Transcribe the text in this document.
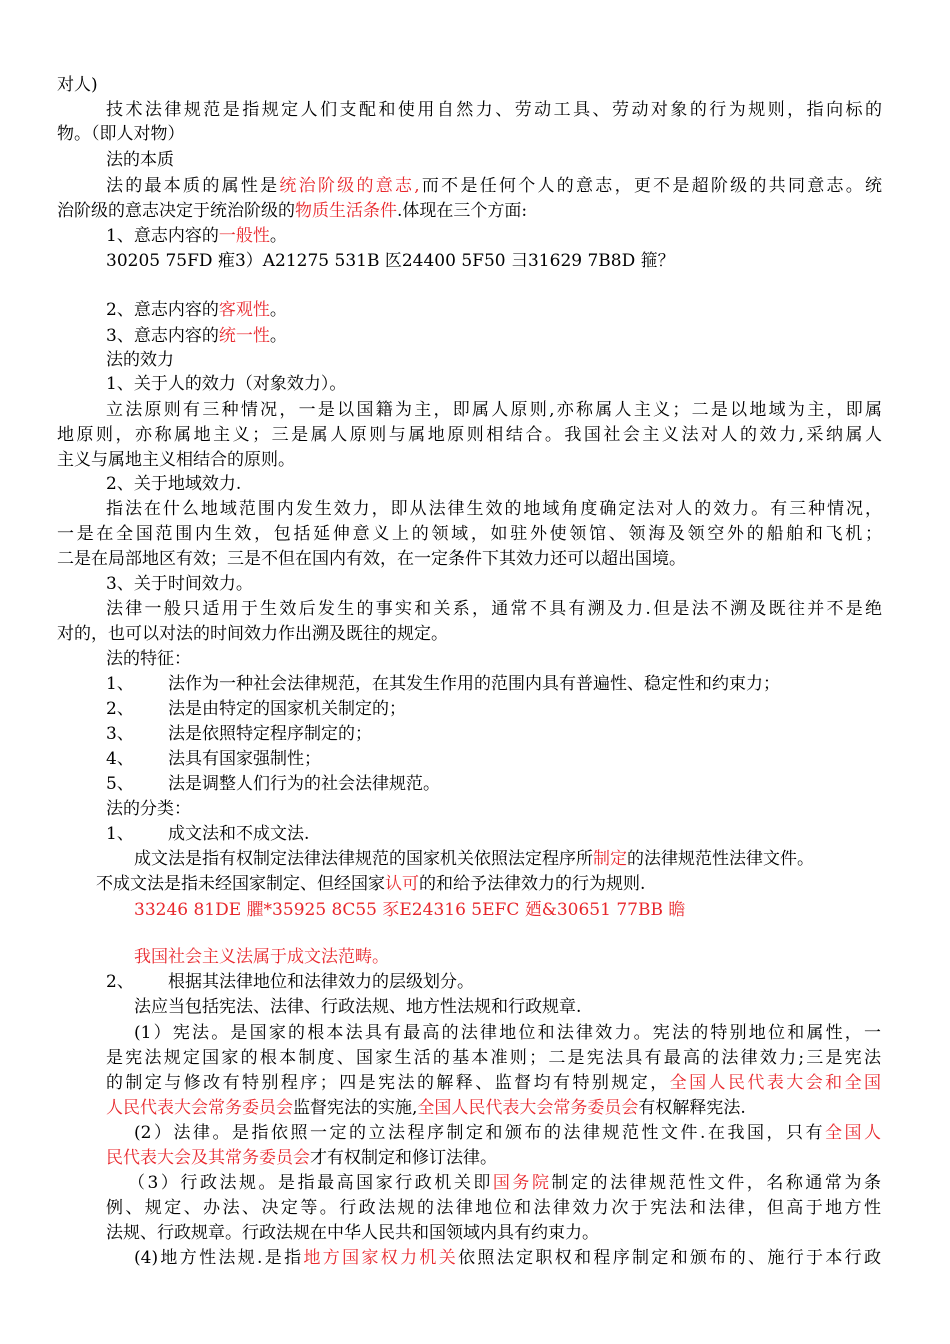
对人)
技术法律规范是指规定人们支配和使用自然力、劳动工具、劳动对象的行为规则，指向标的
物。（即人对物）
法的本质
法的最本质的属性是统治阶级的意志,而不是任何个人的意志，更不是超阶级的共同意志。统
治阶级的意志决定于统治阶级的物质生活条件.体现在三个方面:
1、意志内容的一般性。
30205 75FD 痽3）A21275 531B 匛24400 5F50 彐31629 7B8D 箍？
2、意志内容的客观性。
3、意志内容的统一性。
法的效力
1、关于人的效力（对象效力）。
立法原则有三种情况，一是以国籍为主，即属人原则,亦称属人主义；二是以地域为主，即属
地原则，亦称属地主义；三是属人原则与属地原则相结合。我国社会主义法对人的效力,采纳属人
主义与属地主义相结合的原则。
2、关于地域效力.
指法在什么地域范围内发生效力，即从法律生效的地域角度确定法对人的效力。有三种情况，
一是在全国范围内生效，包括延伸意义上的领域，如驻外使领馆、领海及领空外的船舶和飞机；
二是在局部地区有效；三是不但在国内有效，在一定条件下其效力还可以超出国境。
3、关于时间效力。
法律一般只适用于生效后发生的事实和关系，通常不具有溯及力.但是法不溯及既往并不是绝
对的，也可以对法的时间效力作出溯及既往的规定。
法的特征：
1、 法作为一种社会法律规范，在其发生作用的范围内具有普遍性、稳定性和约束力；
2、 法是由特定的国家机关制定的；
3、 法是依照特定程序制定的；
4、 法具有国家强制性；
5、 法是调整人们行为的社会法律规范。
法的分类：
1、 成文法和不成文法.
成文法是指有权制定法律法律规范的国家机关依照法定程序所制定的法律规范性法律文件。
不成文法是指未经国家制定、但经国家认可的和给予法律效力的行为规则.
33246 81DE 臞*35925 8C55 豕E24316 5EFC 廼&30651 77BB 瞻
我国社会主义法属于成文法范畴。
2、 根据其法律地位和法律效力的层级划分。
法应当包括宪法、法律、行政法规、地方性法规和行政规章.
(1）宪法。是国家的根本法具有最高的法律地位和法律效力。宪法的特别地位和属性，一
是宪法规定国家的根本制度、国家生活的基本准则；二是宪法具有最高的法律效力;三是宪法
的制定与修改有特别程序；四是宪法的解释、监督均有特别规定，全国人民代表大会和全国
人民代表大会常务委员会监督宪法的实施,全国人民代表大会常务委员会有权解释宪法.
(2）法律。是指依照一定的立法程序制定和颁布的法律规范性文件.在我国，只有全国人
民代表大会及其常务委员会才有权制定和修订法律。
（3）行政法规。是指最高国家行政机关即国务院制定的法律规范性文件，名称通常为条
例、规定、办法、决定等。行政法规的法律地位和法律效力次于宪法和法律，但高于地方性
法规、行政规章。行政法规在中华人民共和国领域内具有约束力。
(4)地方性法规.是指地方国家权力机关依照法定职权和程序制定和颁布的、施行于本行政
